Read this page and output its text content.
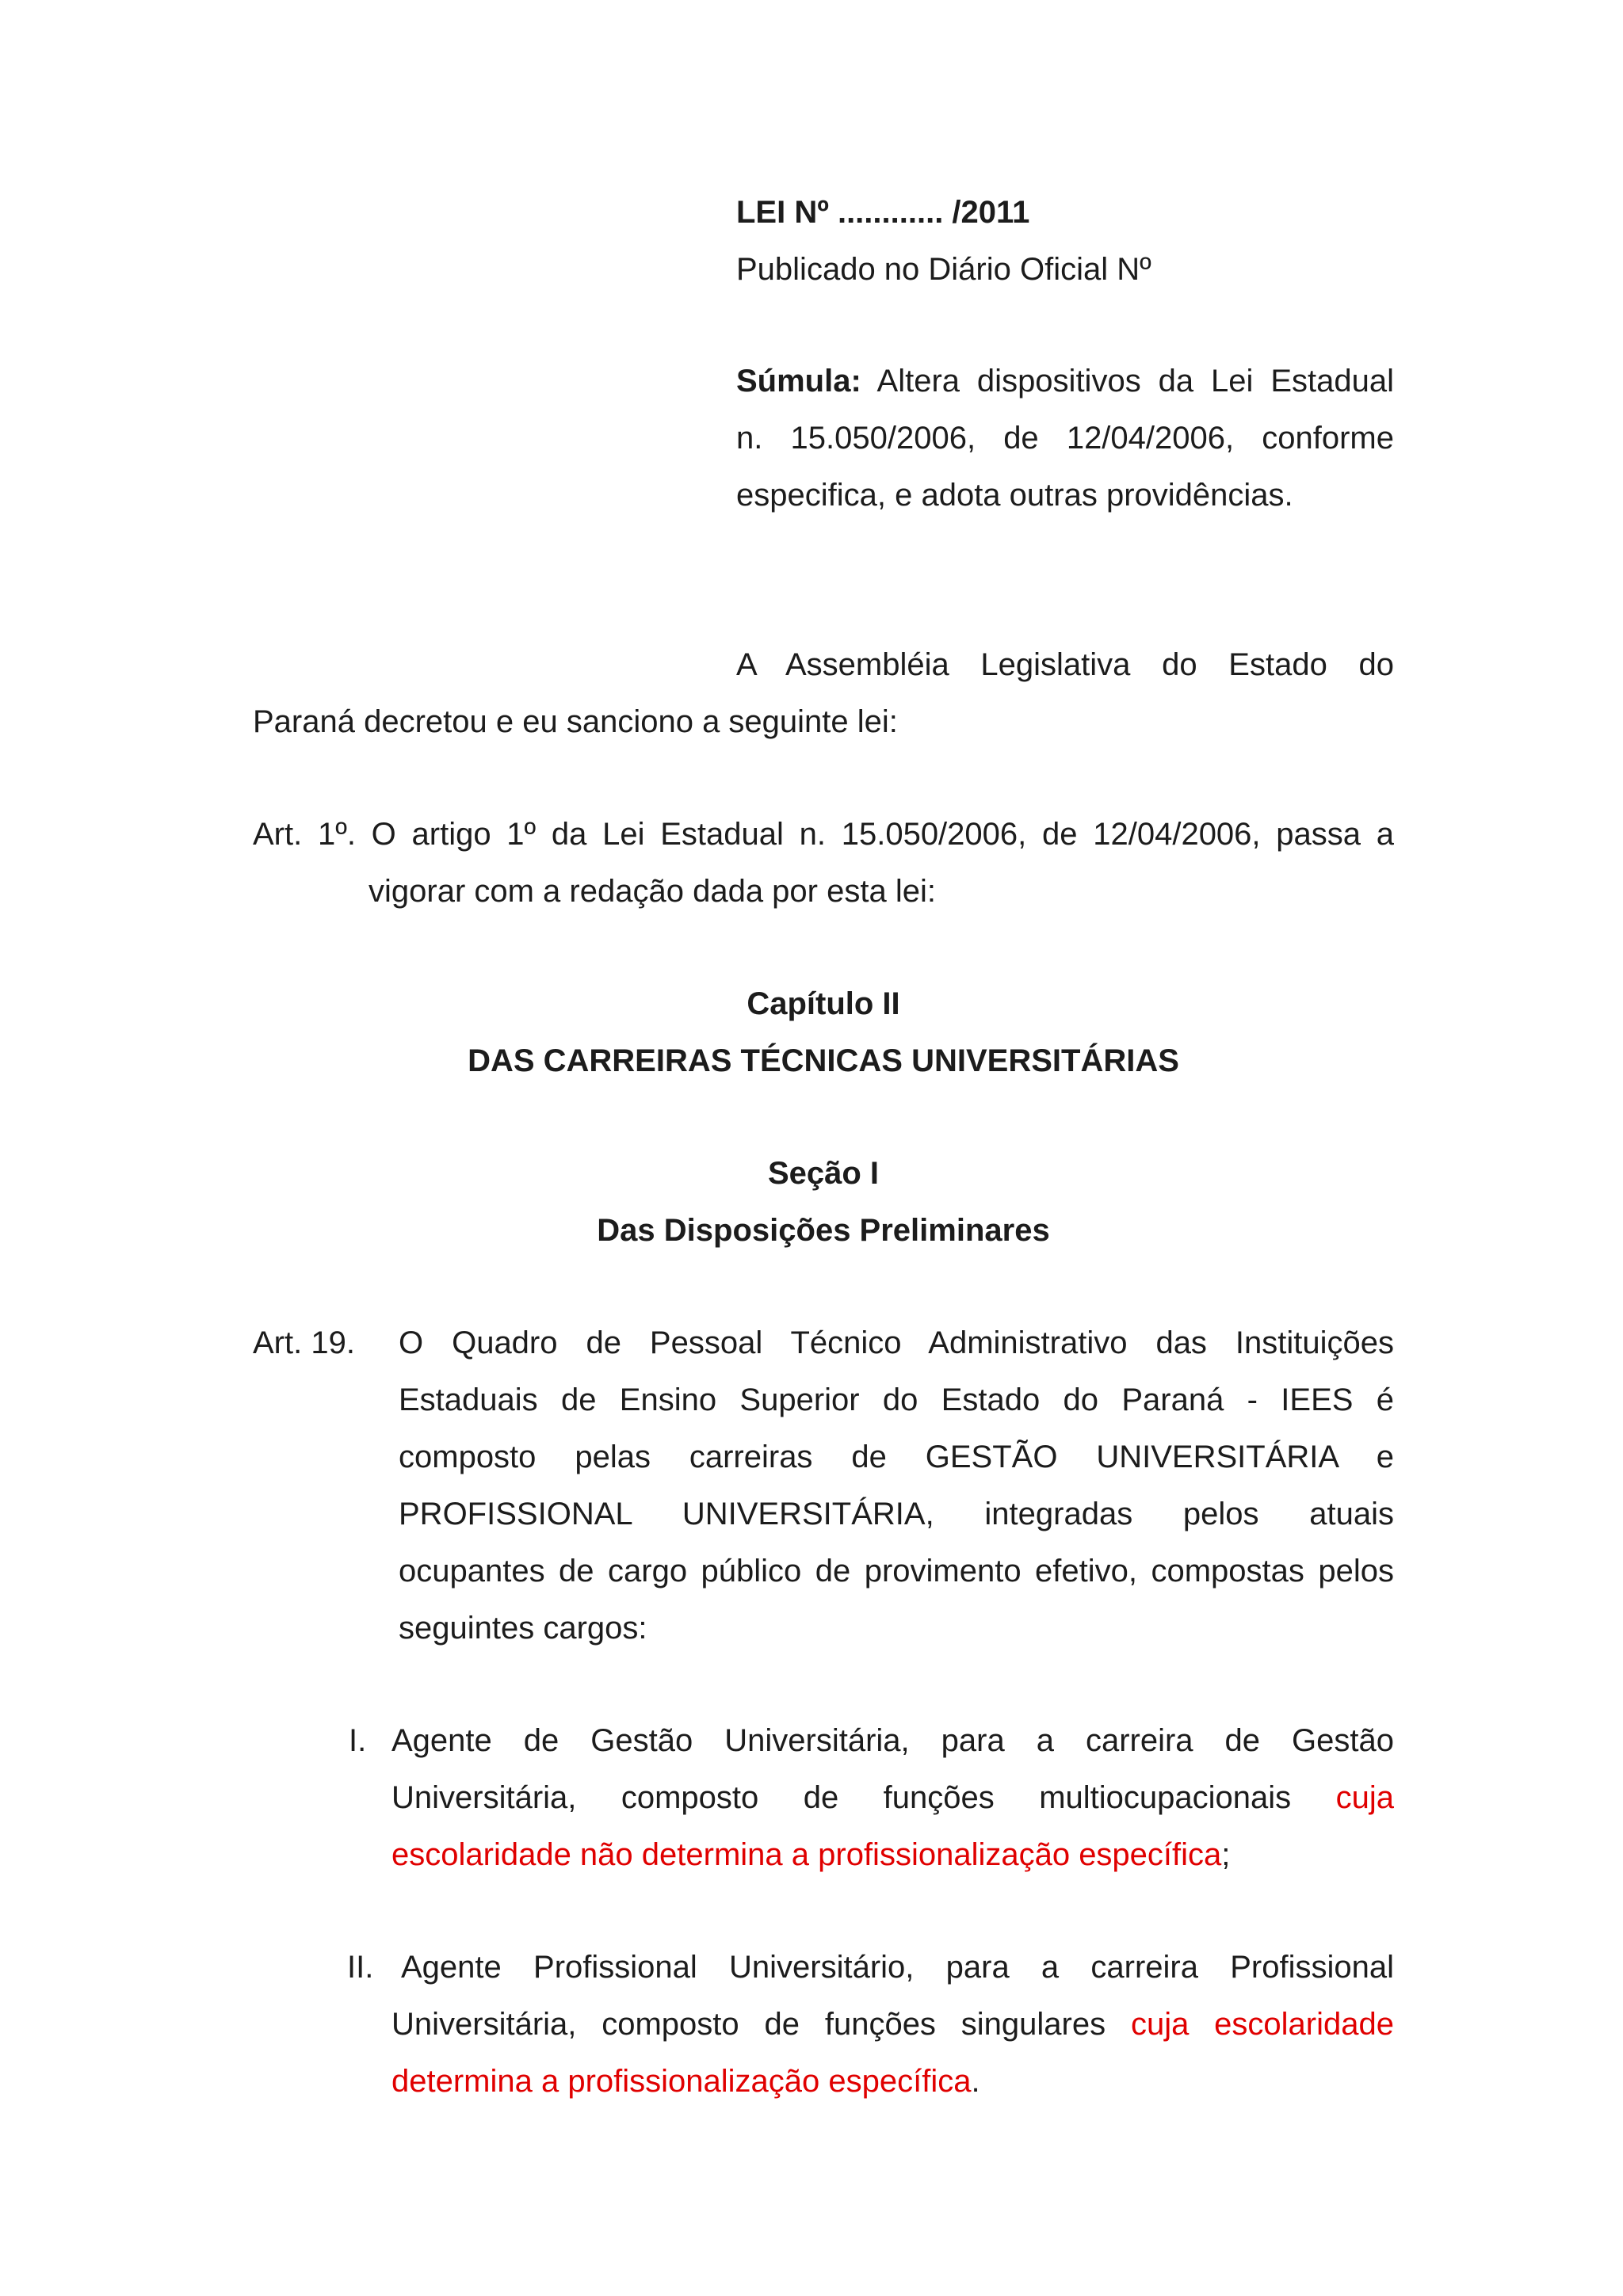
LEI Nº ............ /2011
Publicado no Diário Oficial Nº
Súmula: Altera dispositivos da Lei Estadual
n. 15.050/2006, de 12/04/2006, conforme
especifica, e adota outras providências.
A Assembléia Legislativa do Estado do
Paraná decretou e eu sanciono a seguinte lei:
Art. 1º. O artigo 1º da Lei Estadual n. 15.050/2006, de 12/04/2006, passa a
vigorar com a redação dada por esta lei:
Capítulo II
DAS CARREIRAS TÉCNICAS UNIVERSITÁRIAS
Seção I
Das Disposições Preliminares
Art. 19. O Quadro de Pessoal Técnico Administrativo das Instituições
Estaduais de Ensino Superior do Estado do Paraná - IEES é
composto pelas carreiras de GESTÃO UNIVERSITÁRIA e
PROFISSIONAL UNIVERSITÁRIA, integradas pelos atuais
ocupantes de cargo público de provimento efetivo, compostas pelos
seguintes cargos:
I. Agente de Gestão Universitária, para a carreira de Gestão
Universitária, composto de funções multiocupacionais cuja
escolaridade não determina a profissionalização específica;
II. Agente Profissional Universitário, para a carreira Profissional
Universitária, composto de funções singulares cuja escolaridade
determina a profissionalização específica.
